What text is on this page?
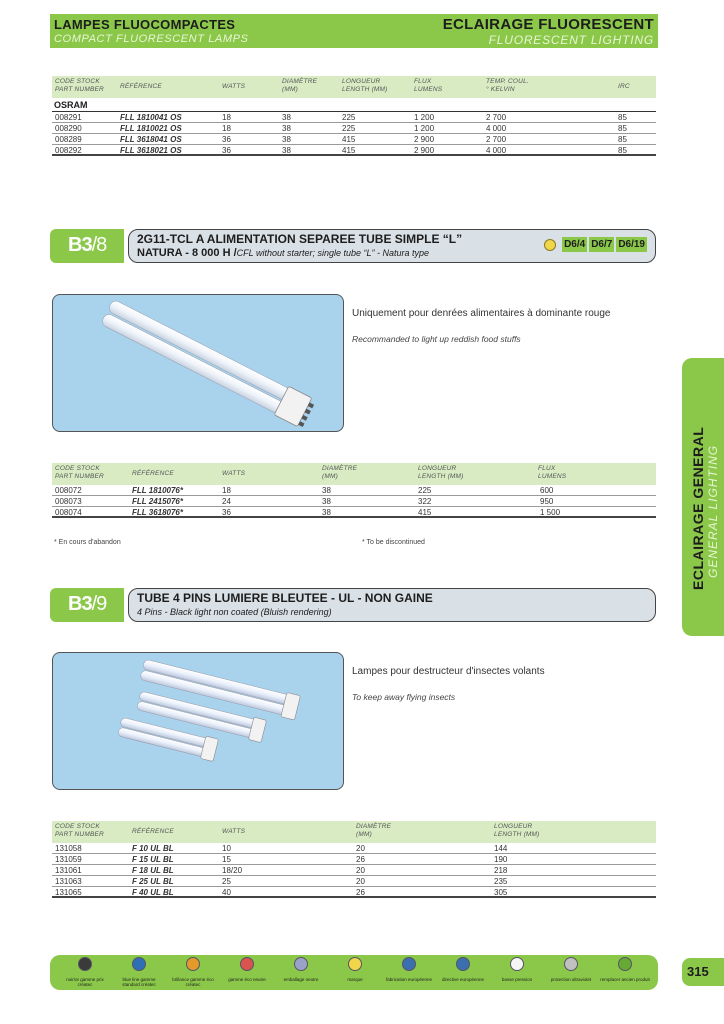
LAMPES FLUOCOMPACTES
COMPACT FLUORESCENT LAMPS
ECLAIRAGE FLUORESCENT
FLUORESCENT LIGHTING
CODE STOCK
PART NUMBER RÉFÉRENCE	WATTS
DIAMÈTRE
(MM)
LONGUEUR
LENGTH (MM)
FLUX
LUMENS
TEMP. COUL.
° KELVIN	IRC
OSRAM
008291	FLL 1810041 OS	18	38	225	1 200	2 700	85
008290	FLL 1810021 OS	18	38	225	1 200	4 000	85
008289	FLL 3618041 OS	36	38	415	2 900	2 700	85
008292	FLL 3618021 OS	36	38	415	2 900	4 000	85
B3/8	2G11-TCL A ALIMENTATION SEPAREE TUBE SIMPLE “L”
NATURA - 8 000 H /CFL without starter; single tube “L” - Natura type
D6/4 D6/7 D6/19
Uniquement pour denrées alimentaires à dominante rouge
Recommanded to light up reddish food stuffs
CODE STOCK
PART NUMBER	RÉFÉRENCE	WATTS
DIAMÈTRE
(MM)
LONGUEUR
LENGTH (MM)
FLUX
LUMENS
008072	FLL 1810076*	18	38	225	600
008073	FLL 2415076*	24	38	322	950
008074	FLL 3618076*	36	38	415	1 500
* En cours d'abandon	* To be discontinued
B3/9	TUBE 4 PINS LUMIERE BLEUTEE - UL - NON GAINE
4 Pins - Black light non coated (Bluish rendering)
Lampes pour destructeur d'insectes volants
To keep away flying insects
CODE STOCK
PART NUMBER	RÉFÉRENCE	WATTS
DIAMÈTRE
(MM)
LONGUEUR
LENGTH (MM)
131058	F 10 UL BL	10	20	144
131059	F 15 UL BL	15	26	190
131061	F 18 UL BL	18/20	20	218
131063	F 25 UL BL	25	20	235
131065	F 40 UL BL	40	26	305
ECLAIRAGE GENERAL GENERAL LIGHTING
noir/or gamme prix créatec
blue line gamme standard créatec
brillance gamme éco créatec
gamme éco neutre	emballage neutre	marque	fabrication européenne	directive européenne	basse pression	protection ultraviolet	remplacer ancien produit
315
